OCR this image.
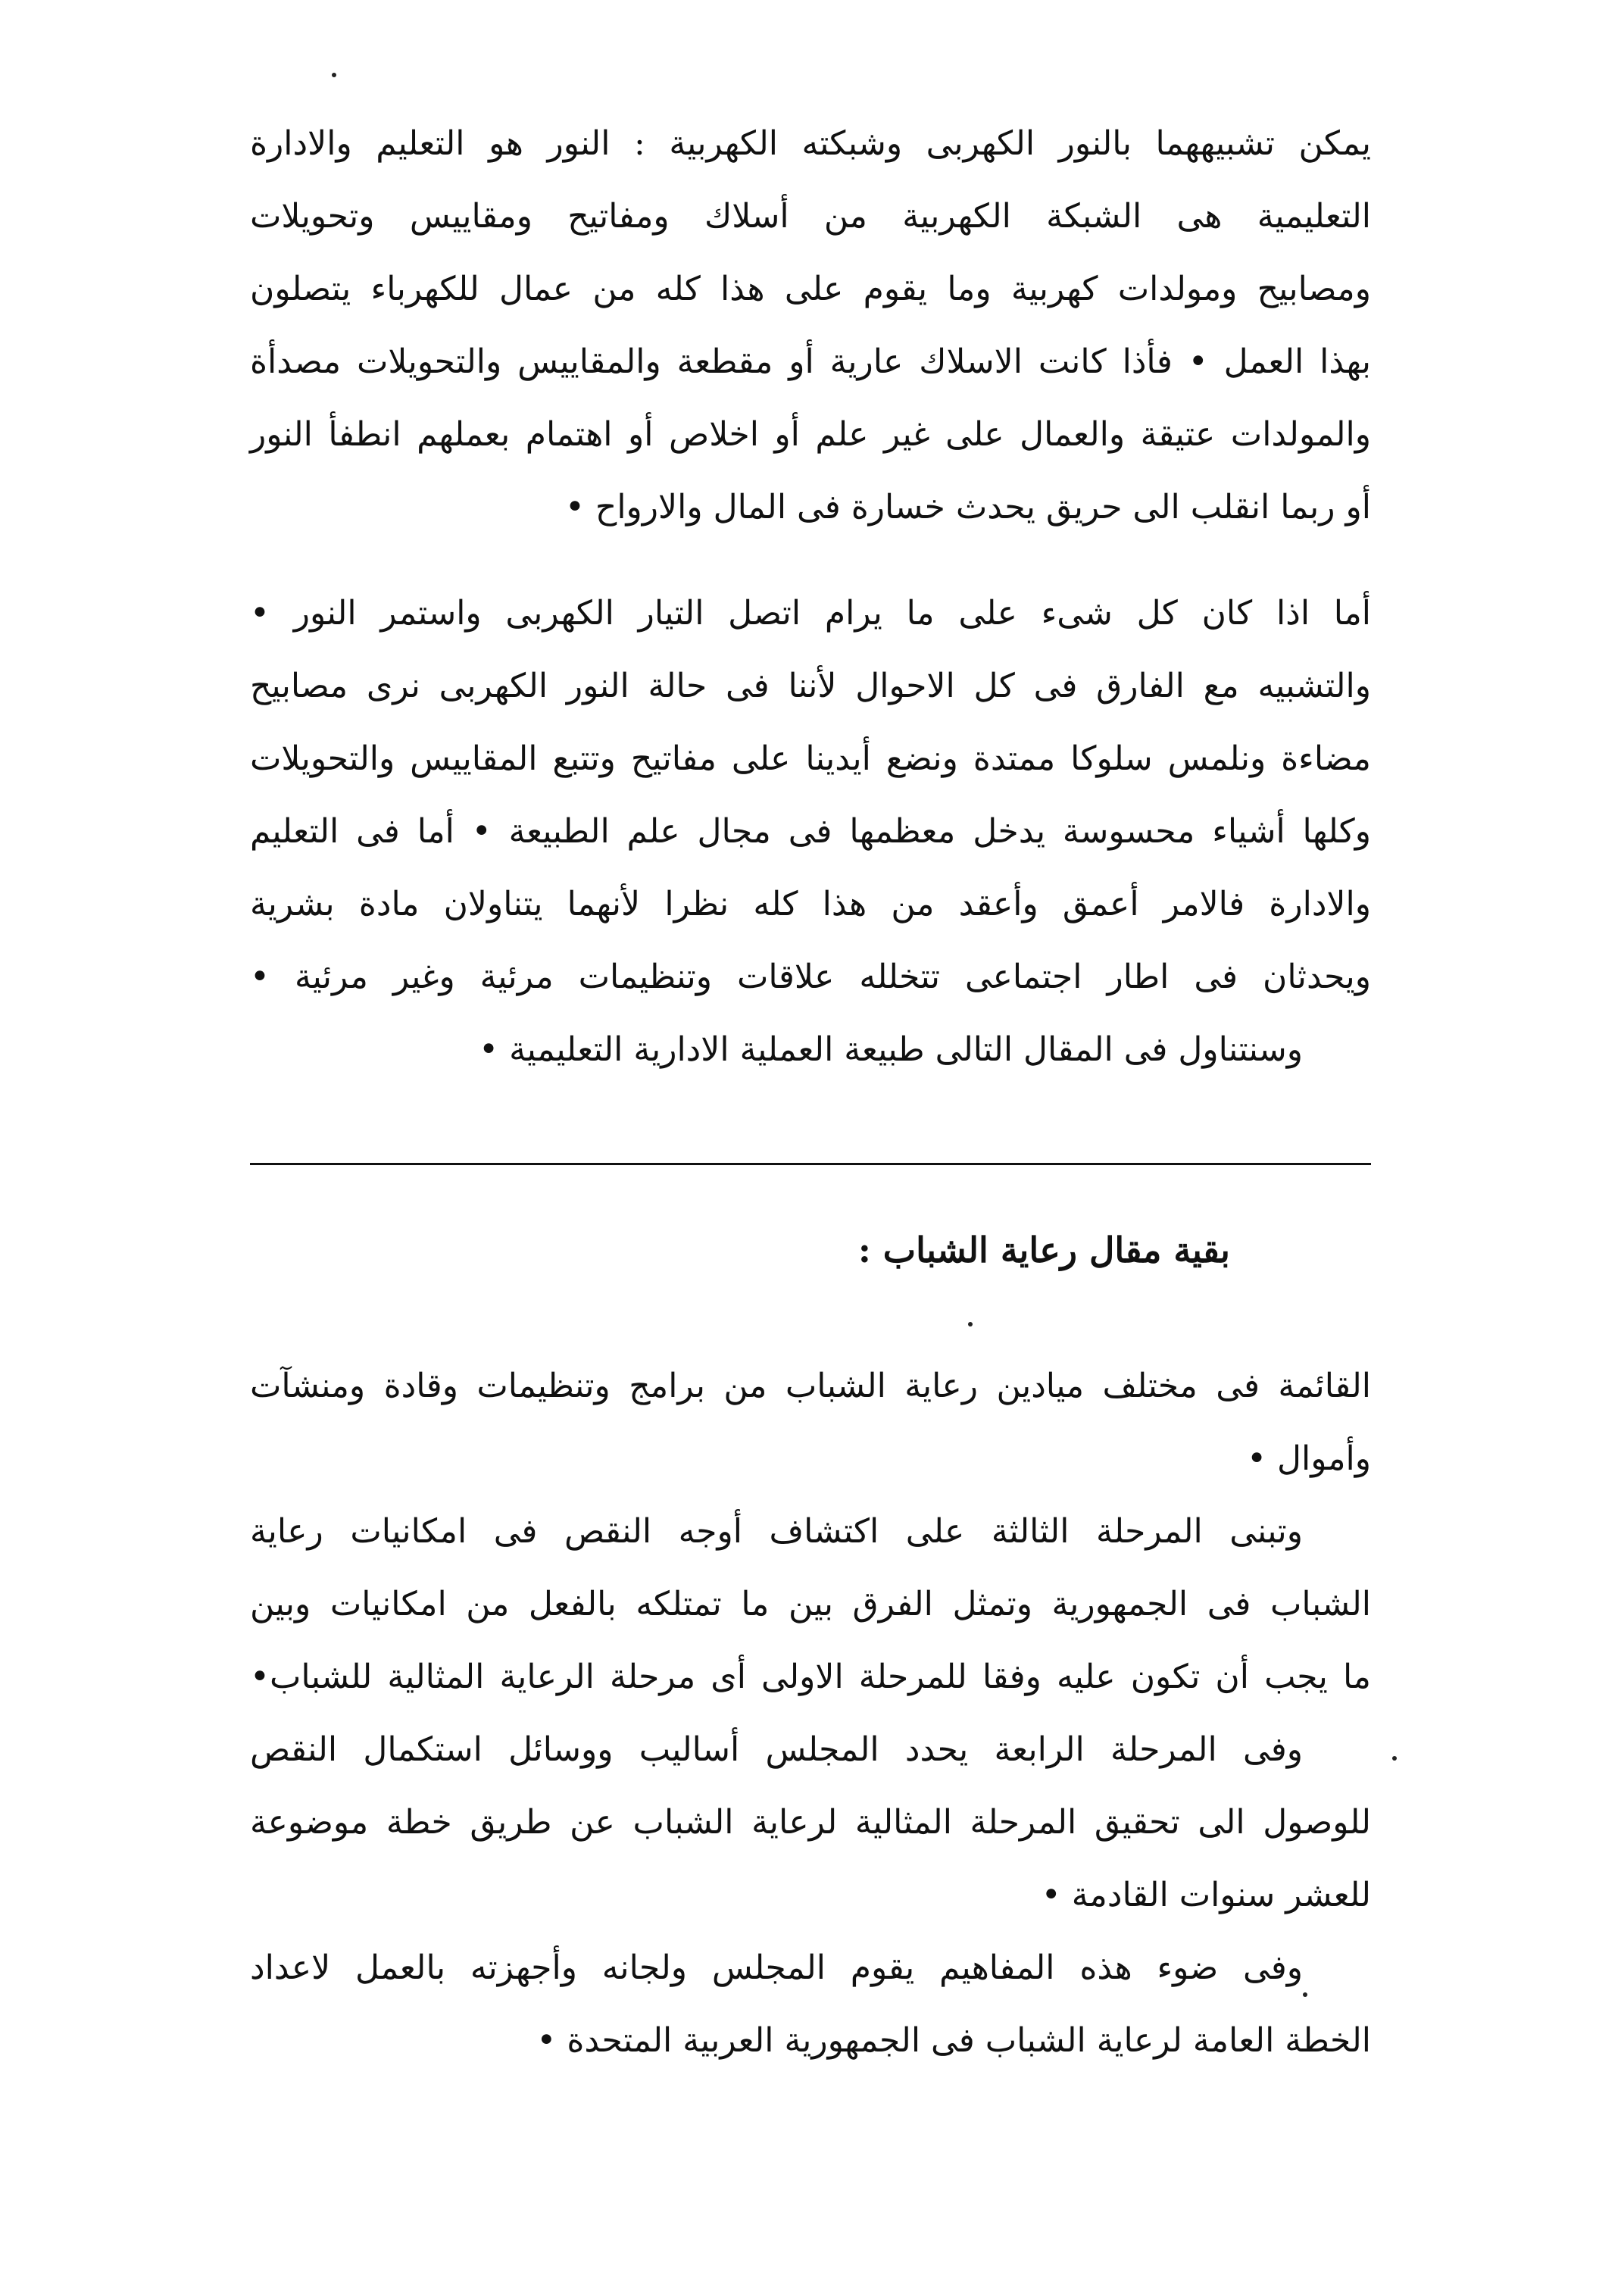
يمكن تشبيههما بالنور الكهربى وشبكته الكهربية : النور هو التعليم والادارة
التعليمية هى الشبكة الكهربية من أسلاك ومفاتيح ومقاييس وتحويلات
ومصابيح ومولدات كهربية وما يقوم على هذا كله من عمال للكهرباء يتصلون
بهذا العمل • فأذا كانت الاسلاك عارية أو مقطعة والمقاييس والتحويلات مصدأة
والمولدات عتيقة والعمال على غير علم أو اخلاص أو اهتمام بعملهم انطفأ النور
أو ربما انقلب الى حريق يحدث خسارة فى المال والارواح •
أما اذا كان كل شىء على ما يرام اتصل التيار الكهربى واستمر النور •
والتشبيه مع الفارق فى كل الاحوال لأننا فى حالة النور الكهربى نرى مصابيح
مضاءة ونلمس سلوكا ممتدة ونضع أيدينا على مفاتيح وتتبع المقاييس والتحويلات
وكلها أشياء محسوسة يدخل معظمها فى مجال علم الطبيعة • أما فى التعليم
والادارة فالامر أعمق وأعقد من هذا كله نظرا لأنهما يتناولان مادة بشرية
ويحدثان فى اطار اجتماعى تتخلله علاقات وتنظيمات مرئية وغير مرئية •
وسنتناول فى المقال التالى طبيعة العملية الادارية التعليمية •
بقية مقال رعاية الشباب :
القائمة فى مختلف ميادين رعاية الشباب من برامج وتنظيمات وقادة ومنشآت
وأموال •
وتبنى المرحلة الثالثة على اكتشاف أوجه النقص فى امكانيات رعاية
الشباب فى الجمهورية وتمثل الفرق بين ما تمتلكه بالفعل من امكانيات وبين
ما يجب أن تكون عليه وفقا للمرحلة الاولى أى مرحلة الرعاية المثالية للشباب•
وفى المرحلة الرابعة يحدد المجلس أساليب ووسائل استكمال النقص
للوصول الى تحقيق المرحلة المثالية لرعاية الشباب عن طريق خطة موضوعة
للعشر سنوات القادمة •
وفى ضوء هذه المفاهيم يقوم المجلس ولجانه وأجهزته بالعمل لاعداد
الخطة العامة لرعاية الشباب فى الجمهورية العربية المتحدة •
